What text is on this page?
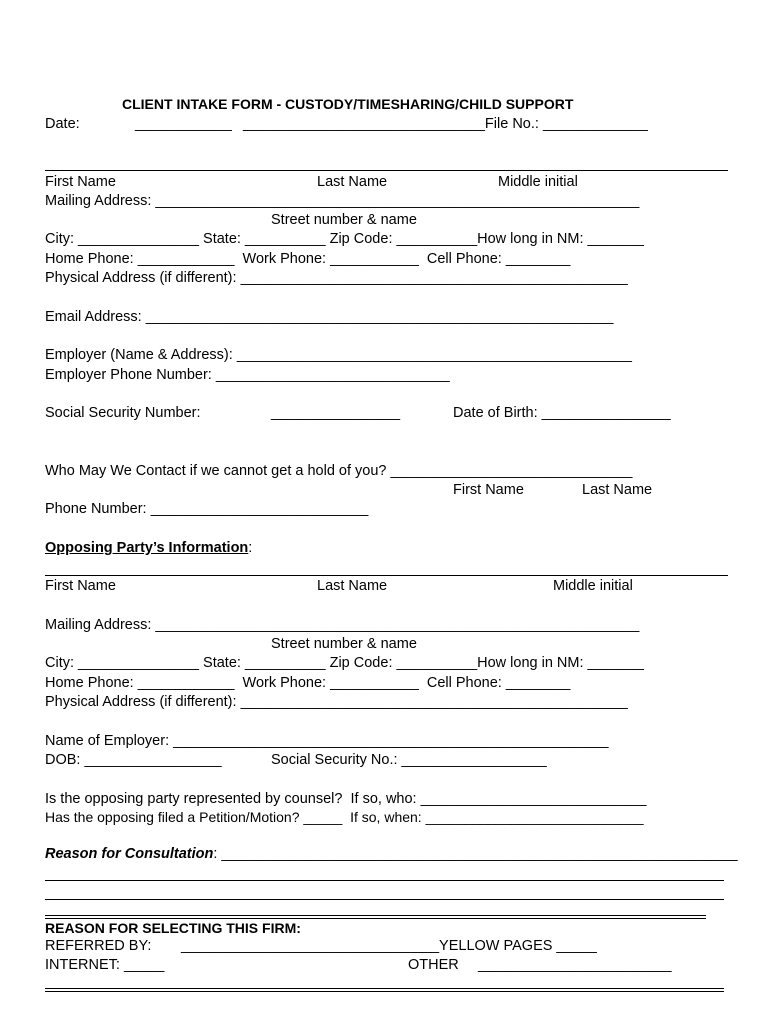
CLIENT INTAKE FORM - CUSTODY/TIMESHARING/CHILD SUPPORT
Date:	____________ ______________________________File No.: _____________
First Name	Last Name	Middle initial
Mailing Address: ____________________________________________________________
Street number & name
City: _______________ State: __________ Zip Code: __________How long in NM: _______
Home Phone: ____________  Work Phone: ___________  Cell Phone: ________
Physical Address (if different): ________________________________________________
Email Address: __________________________________________________________
Employer (Name & Address): _________________________________________________
Employer Phone Number: _____________________________
Social Security Number:	________________	Date of Birth: ________________
Who May We Contact if we cannot get a hold of you? ______________________________
First Name	Last Name
Phone Number: ___________________________
Opposing Party’s Information:
First Name	Last Name	Middle initial
Mailing Address: ____________________________________________________________
Street number & name
City: _______________ State: __________ Zip Code: __________How long in NM: _______
Home Phone: ____________  Work Phone: ___________  Cell Phone: ________
Physical Address (if different): ________________________________________________
Name of Employer: ______________________________________________________
DOB: _________________	Social Security No.: __________________
Is the opposing party represented by counsel?  If so, who: ____________________________
Has the opposing filed a Petition/Motion? _____  If so, when: ____________________________
Reason for Consultation: ________________________________________________________________
REASON FOR SELECTING THIS FIRM:
REFERRED BY: ________________________________YELLOW PAGES _____
INTERNET: _____	OTHER ________________________
